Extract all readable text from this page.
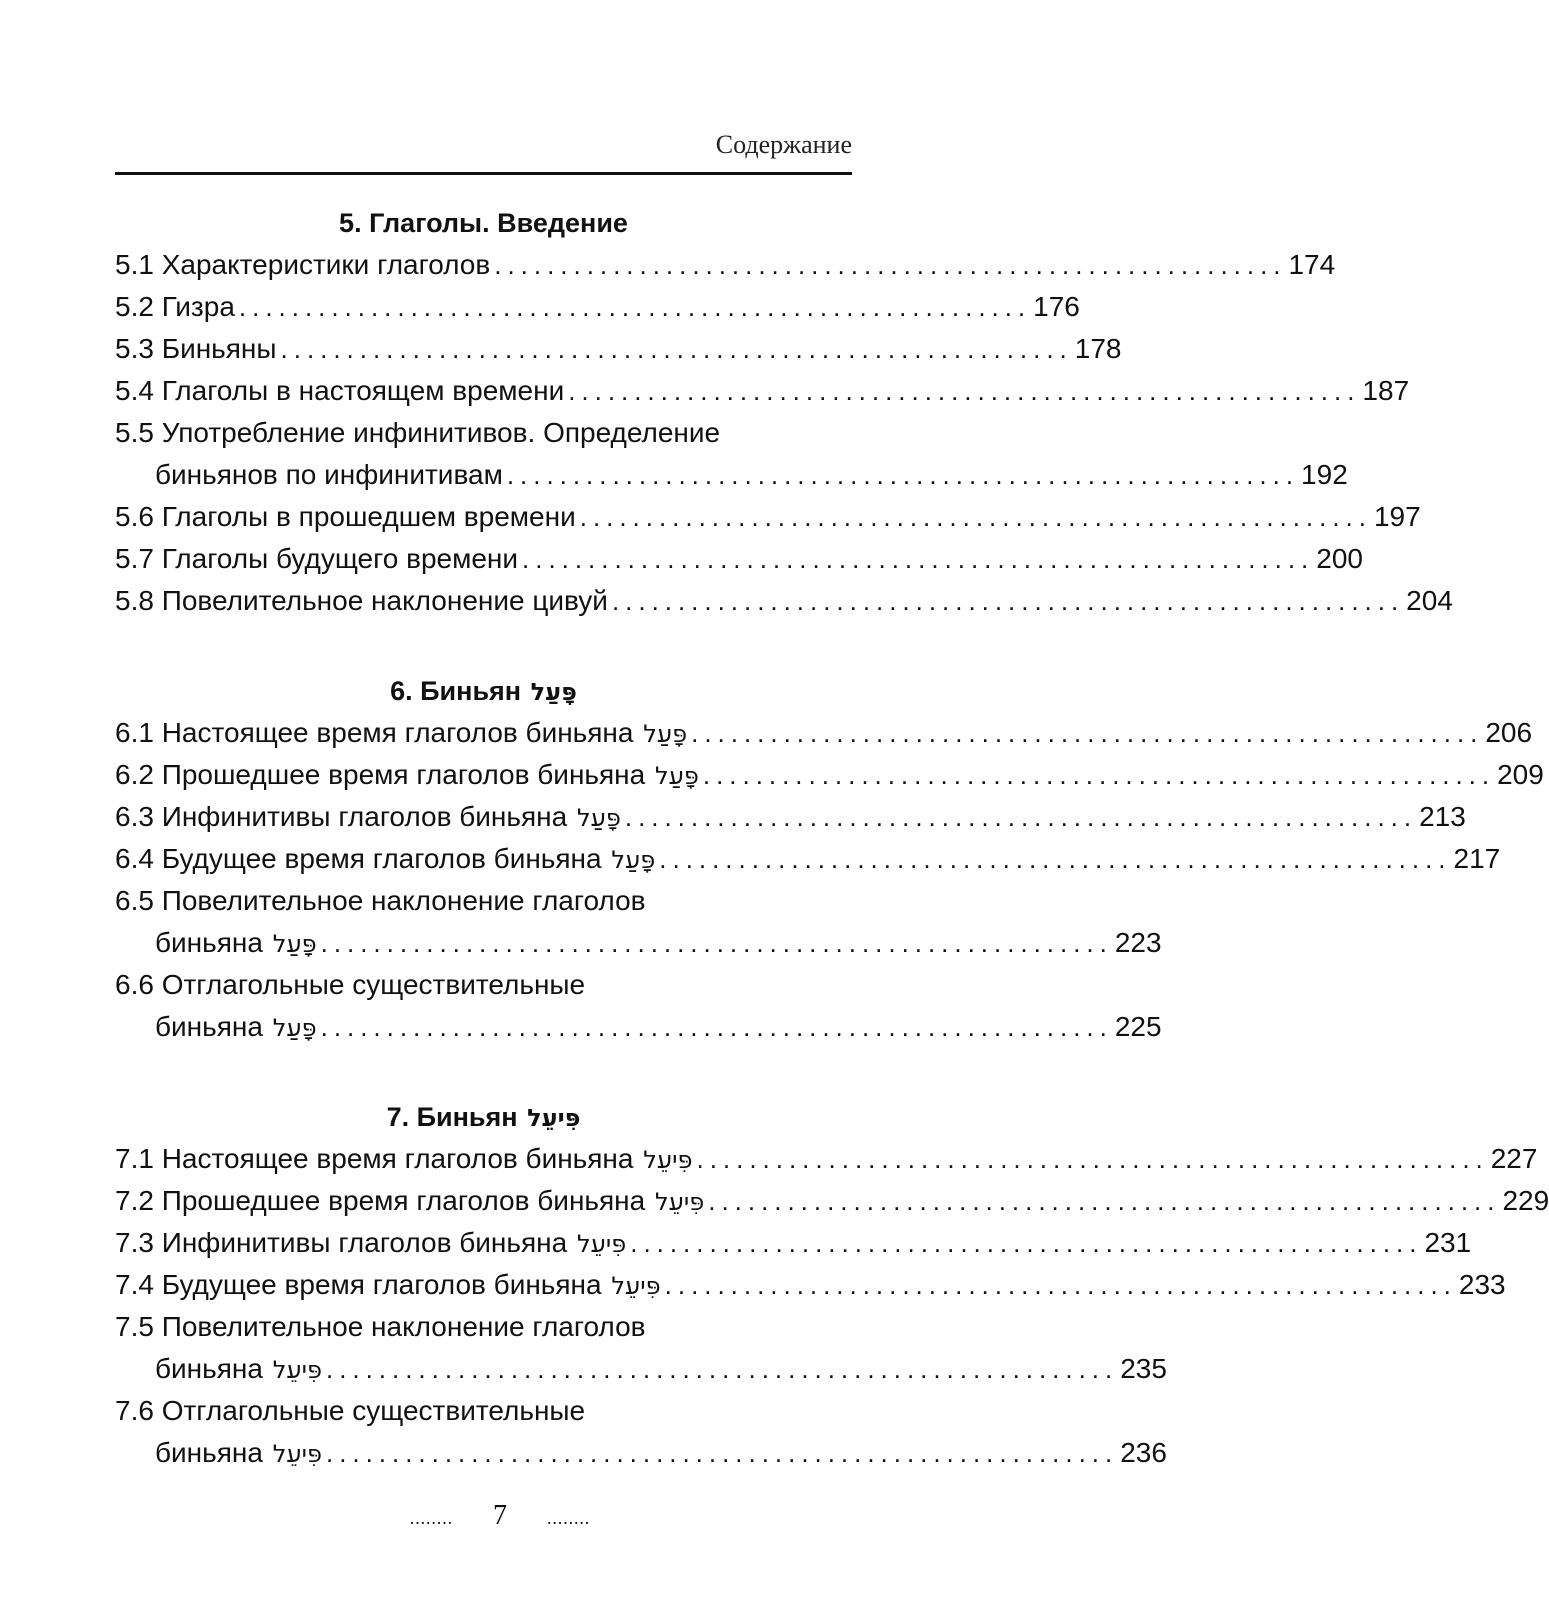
Содержание
5. Глаголы. Введение
5.1 Характеристики глаголов ............................................................ 174
5.2 Гизра ............................................................ 176
5.3 Биньяны ............................................................ 178
5.4 Глаголы в настоящем времени ............................................................ 187
5.5 Употребление инфинитивов. Определение
биньянов по инфинитивам ............................................................ 192
5.6 Глаголы в прошедшем времени ............................................................ 197
5.7 Глаголы будущего времени ............................................................ 200
5.8 Повелительное наклонение цивуй ............................................................ 204
6. Биньян פָּעַל
6.1 Настоящее время глаголов биньяна פָּעַל ............................................................ 206
6.2 Прошедшее время глаголов биньяна פָּעַל ............................................................ 209
6.3 Инфинитивы глаголов биньяна פָּעַל ............................................................ 213
6.4 Будущее время глаголов биньяна פָּעַל ............................................................ 217
6.5 Повелительное наклонение глаголов
биньяна פָּעַל ............................................................ 223
6.6 Отглагольные существительные
биньяна פָּעַל ............................................................ 225
7. Биньян פִּיעֵל
7.1 Настоящее время глаголов биньяна פִּיעֵל ............................................................ 227
7.2 Прошедшее время глаголов биньяна פִּיעֵל ............................................................ 229
7.3 Инфинитивы глаголов биньяна פִּיעֵל ............................................................ 231
7.4 Будущее время глаголов биньяна פִּיעֵל ............................................................ 233
7.5 Повелительное наклонение глаголов
биньяна פִּיעֵל ............................................................ 235
7.6 Отглагольные существительные
биньяна פִּיעֵל ............................................................ 236
........ 7 ........
